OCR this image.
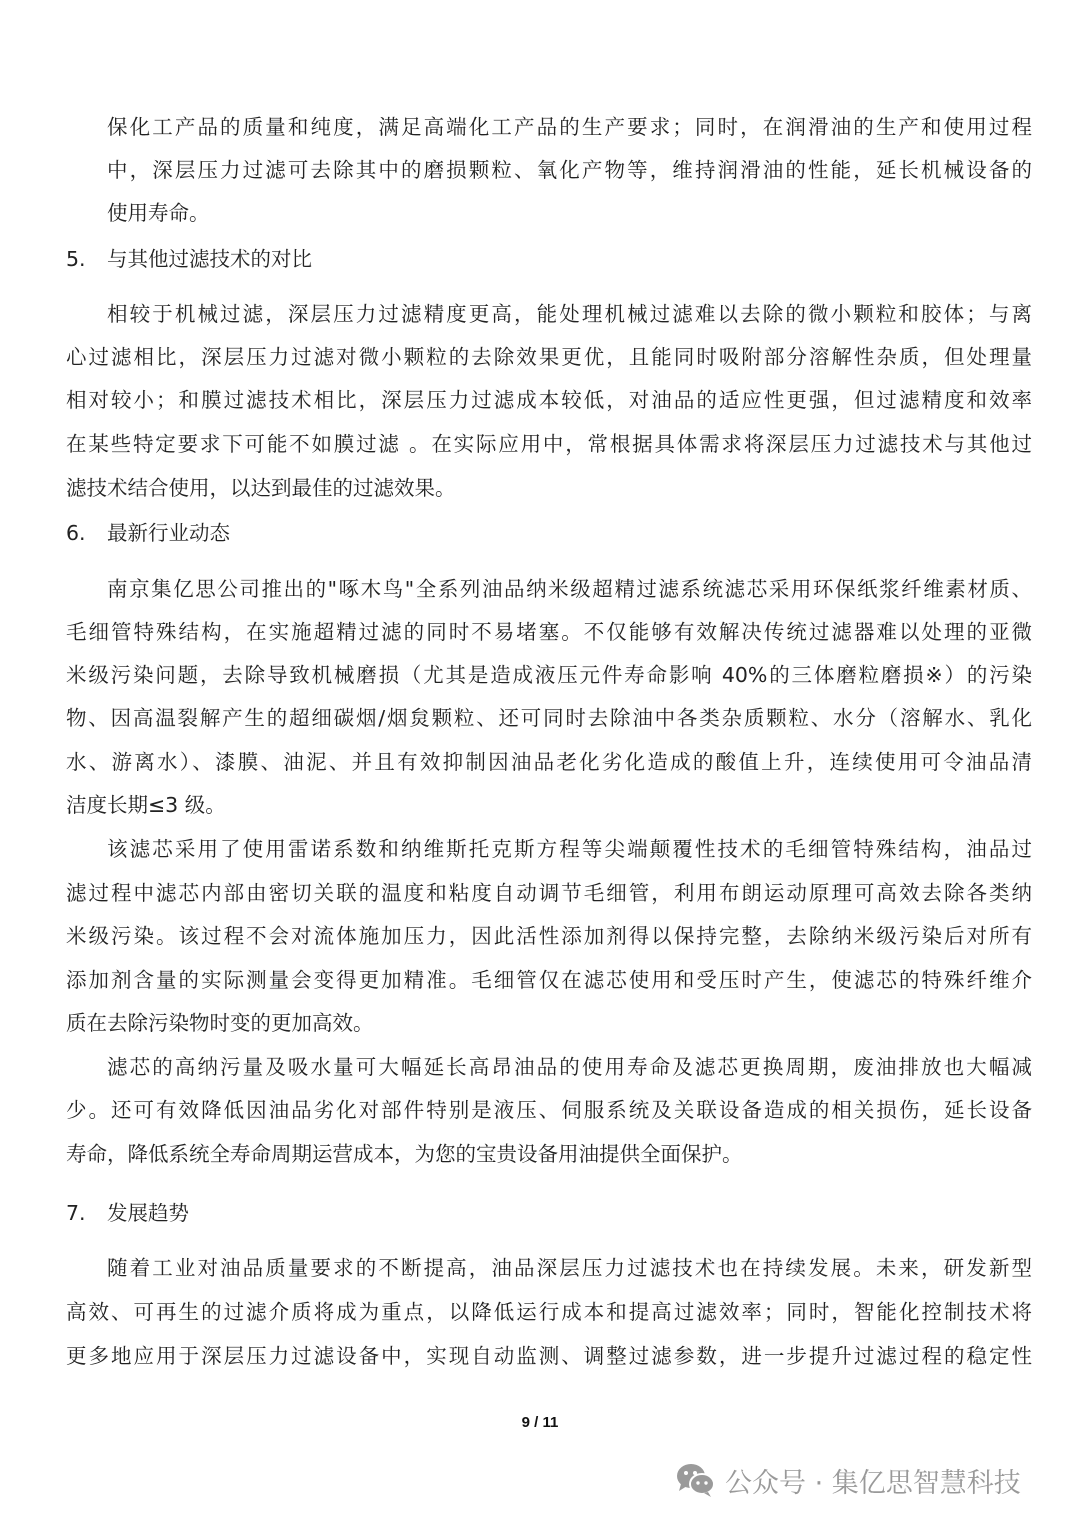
保化工产品的质量和纯度，满足高端化工产品的生产要求；同时，在润滑油的生产和使用过程
中，深层压力过滤可去除其中的磨损颗粒、氧化产物等，维持润滑油的性能，延长机械设备的
使用寿命。
5. 与其他过滤技术的对比
相较于机械过滤，深层压力过滤精度更高，能处理机械过滤难以去除的微小颗粒和胶体；与离
心过滤相比，深层压力过滤对微小颗粒的去除效果更优，且能同时吸附部分溶解性杂质，但处理量
相对较小；和膜过滤技术相比，深层压力过滤成本较低，对油品的适应性更强，但过滤精度和效率
在某些特定要求下可能不如膜过滤 。在实际应用中，常根据具体需求将深层压力过滤技术与其他过
滤技术结合使用，以达到最佳的过滤效果。
6. 最新行业动态
南京集亿思公司推出的"啄木鸟"全系列油品纳米级超精过滤系统滤芯采用环保纸浆纤维素材质、
毛细管特殊结构，在实施超精过滤的同时不易堵塞。不仅能够有效解决传统过滤器难以处理的亚微
米级污染问题，去除导致机械磨损（尤其是造成液压元件寿命影响 40%的三体磨粒磨损※）的污染
物、因高温裂解产生的超细碳烟/烟炱颗粒、还可同时去除油中各类杂质颗粒、水分（溶解水、乳化
水、游离水）、漆膜、油泥、并且有效抑制因油品老化劣化造成的酸值上升，连续使用可令油品清
洁度长期≤3 级。
该滤芯采用了使用雷诺系数和纳维斯托克斯方程等尖端颠覆性技术的毛细管特殊结构，油品过
滤过程中滤芯内部由密切关联的温度和粘度自动调节毛细管，利用布朗运动原理可高效去除各类纳
米级污染。该过程不会对流体施加压力，因此活性添加剂得以保持完整，去除纳米级污染后对所有
添加剂含量的实际测量会变得更加精准。毛细管仅在滤芯使用和受压时产生，使滤芯的特殊纤维介
质在去除污染物时变的更加高效。
滤芯的高纳污量及吸水量可大幅延长高昂油品的使用寿命及滤芯更换周期，废油排放也大幅减
少。还可有效降低因油品劣化对部件特别是液压、伺服系统及关联设备造成的相关损伤，延长设备
寿命，降低系统全寿命周期运营成本，为您的宝贵设备用油提供全面保护。
7. 发展趋势
随着工业对油品质量要求的不断提高，油品深层压力过滤技术也在持续发展。未来，研发新型
高效、可再生的过滤介质将成为重点，以降低运行成本和提高过滤效率；同时，智能化控制技术将
更多地应用于深层压力过滤设备中，实现自动监测、调整过滤参数，进一步提升过滤过程的稳定性
9 / 11
公众号 · 集亿思智慧科技
